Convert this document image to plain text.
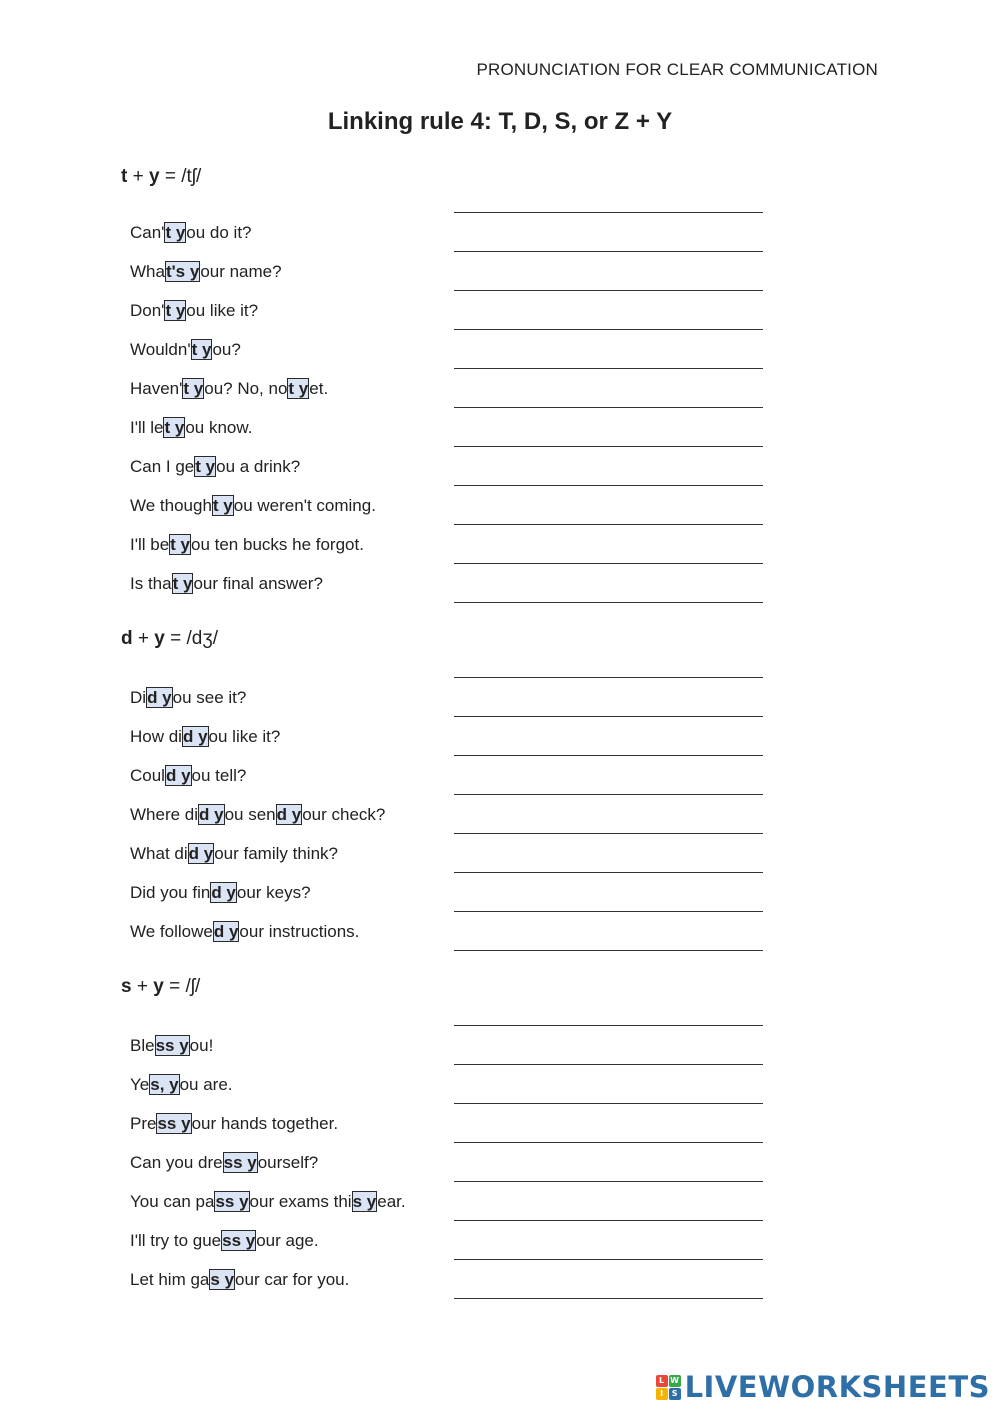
PRONUNCIATION FOR CLEAR COMMUNICATION
Linking rule 4: T, D, S, or Z + Y
t + y = /tʃ/
Can't you do it?
What's your name?
Don't you like it?
Wouldn't you?
Haven't you? No, not yet.
I'll let you know.
Can I get you a drink?
We thought you weren't coming.
I'll bet you ten bucks he forgot.
Is that your final answer?
d + y = /dʒ/
Did you see it?
How did you like it?
Could you tell?
Where did you send your check?
What did your family think?
Did you find your keys?
We followed your instructions.
s + y = /ʃ/
Bless you!
Yes, you are.
Press your hands together.
Can you dress yourself?
You can pass your exams this year.
I'll try to guess your age.
Let him gas your car for you.
L W
I	S LIVEWORKSHEETS
